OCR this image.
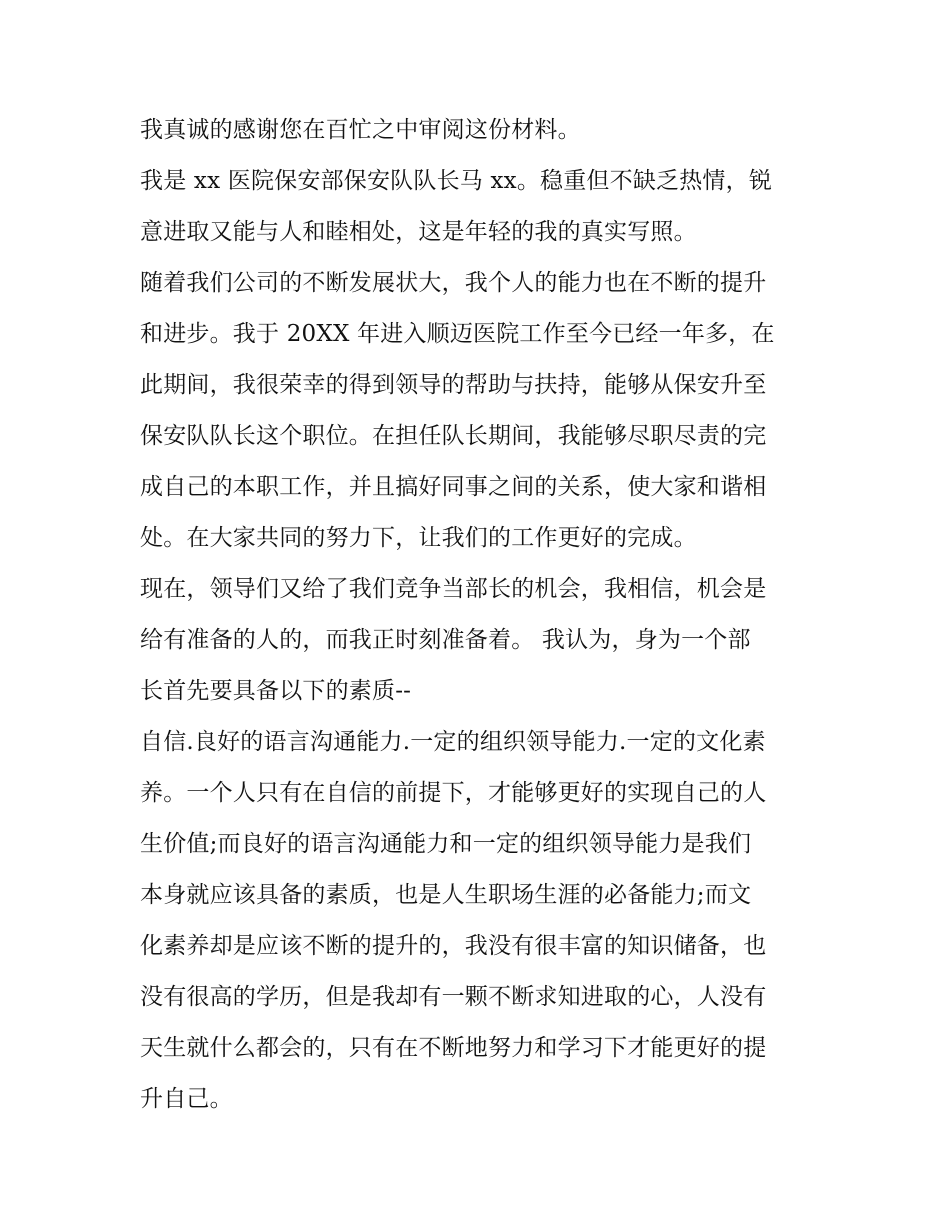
我真诚的感谢您在百忙之中审阅这份材料。
我是 xx 医院保安部保安队队长马 xx。稳重但不缺乏热情，锐
意进取又能与人和睦相处，这是年轻的我的真实写照。
随着我们公司的不断发展状大，我个人的能力也在不断的提升
和进步。我于 20XX 年进入顺迈医院工作至今已经一年多，在
此期间，我很荣幸的得到领导的帮助与扶持，能够从保安升至
保安队队长这个职位。在担任队长期间，我能够尽职尽责的完
成自己的本职工作，并且搞好同事之间的关系，使大家和谐相
处。在大家共同的努力下，让我们的工作更好的完成。
现在，领导们又给了我们竞争当部长的机会，我相信，机会是
给有准备的人的，而我正时刻准备着。 我认为，身为一个部
长首先要具备以下的素质--
自信.良好的语言沟通能力.一定的组织领导能力.一定的文化素
养。一个人只有在自信的前提下，才能够更好的实现自己的人
生价值;而良好的语言沟通能力和一定的组织领导能力是我们
本身就应该具备的素质，也是人生职场生涯的必备能力;而文
化素养却是应该不断的提升的，我没有很丰富的知识储备，也
没有很高的学历，但是我却有一颗不断求知进取的心，人没有
天生就什么都会的，只有在不断地努力和学习下才能更好的提
升自己。
